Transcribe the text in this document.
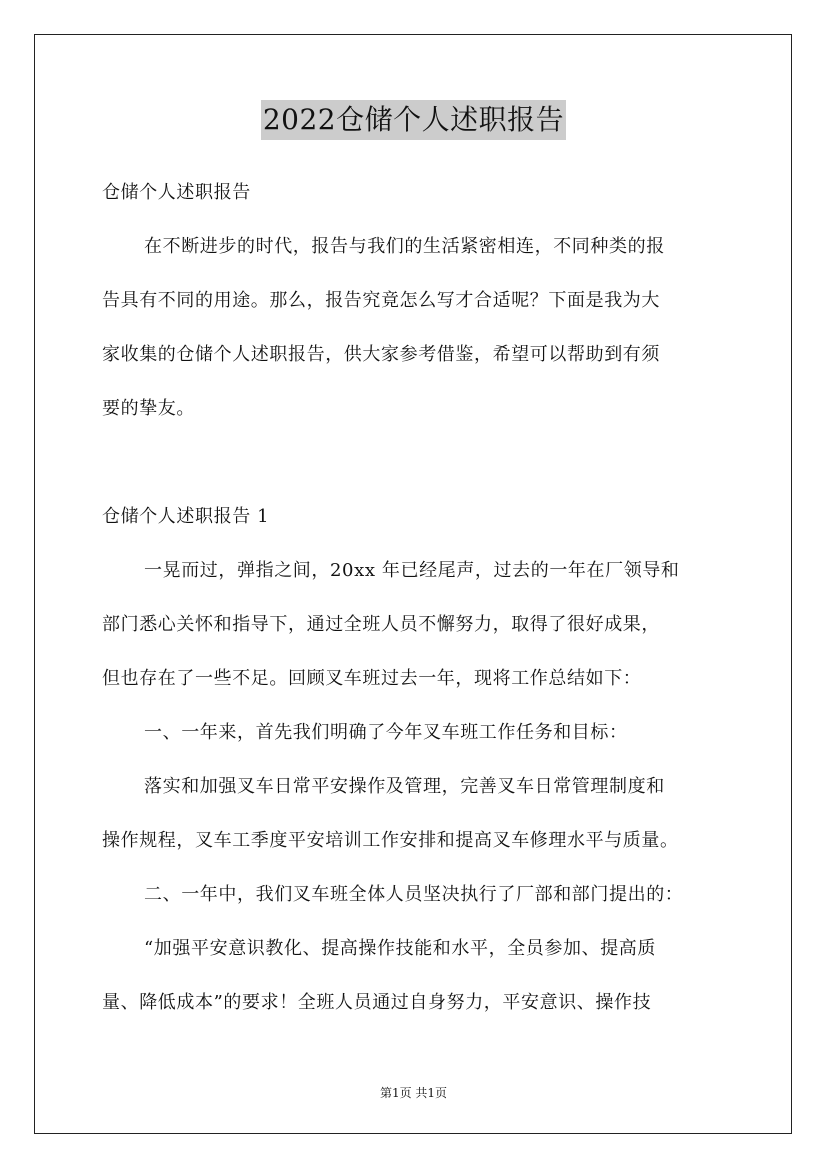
2022仓储个人述职报告

仓储个人述职报告

在不断进步的时代，报告与我们的生活紧密相连，不同种类的报

告具有不同的用途。那么，报告究竟怎么写才合适呢？下面是我为大

家收集的仓储个人述职报告，供大家参考借鉴，希望可以帮助到有须

要的挚友。

仓储个人述职报告 1

一晃而过，弹指之间，20xx 年已经尾声，过去的一年在厂领导和

部门悉心关怀和指导下，通过全班人员不懈努力，取得了很好成果，

但也存在了一些不足。回顾叉车班过去一年，现将工作总结如下：

一、一年来，首先我们明确了今年叉车班工作任务和目标：

落实和加强叉车日常平安操作及管理，完善叉车日常管理制度和

操作规程，叉车工季度平安培训工作安排和提高叉车修理水平与质量。

二、一年中，我们叉车班全体人员坚决执行了厂部和部门提出的：

“加强平安意识教化、提高操作技能和水平，全员参加、提高质

量、降低成本”的要求！全班人员通过自身努力，平安意识、操作技

第1页 共1页
